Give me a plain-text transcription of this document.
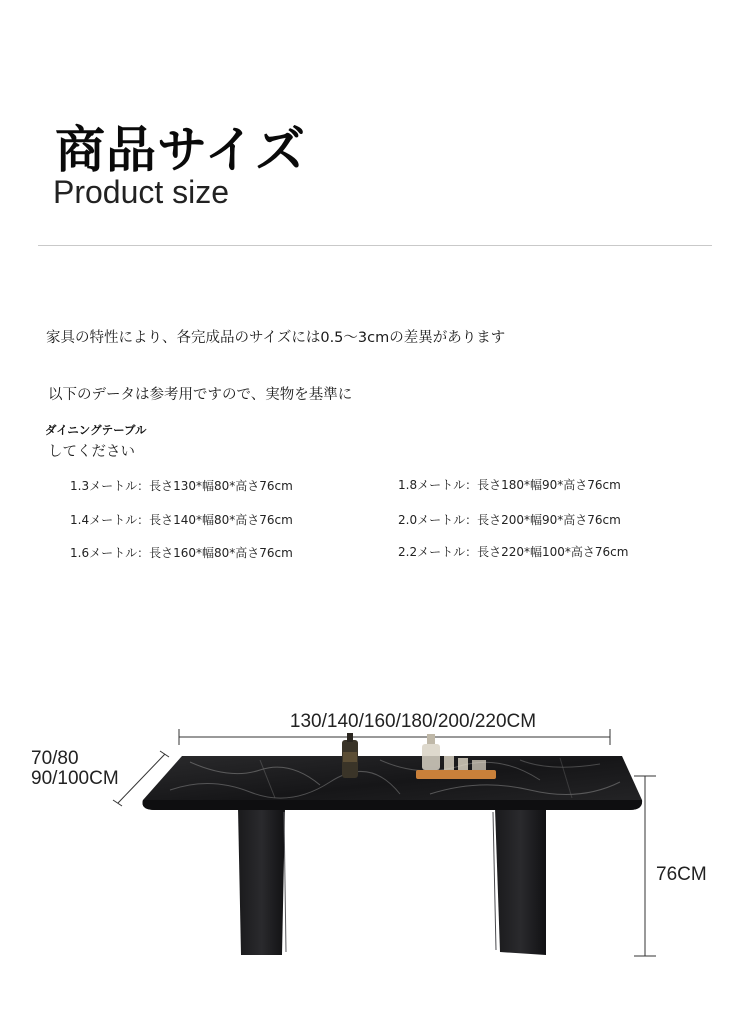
商品サイズ
Product size

家具の特性により、各完成品のサイズには0.5～3cmの差異があります

以下のデータは参考用ですので、実物を基準に

してください

ダイニングテーブル
1.3メートル：長さ130*幅80*高さ76cm
1.4メートル：長さ140*幅80*高さ76cm
1.6メートル：長さ160*幅80*高さ76cm
1.8メートル：長さ180*幅90*高さ76cm
2.0メートル：長さ200*幅90*高さ76cm
2.2メートル：長さ220*幅100*高さ76cm
130/140/160/180/200/220CM
70/80
90/100CM
76CM
